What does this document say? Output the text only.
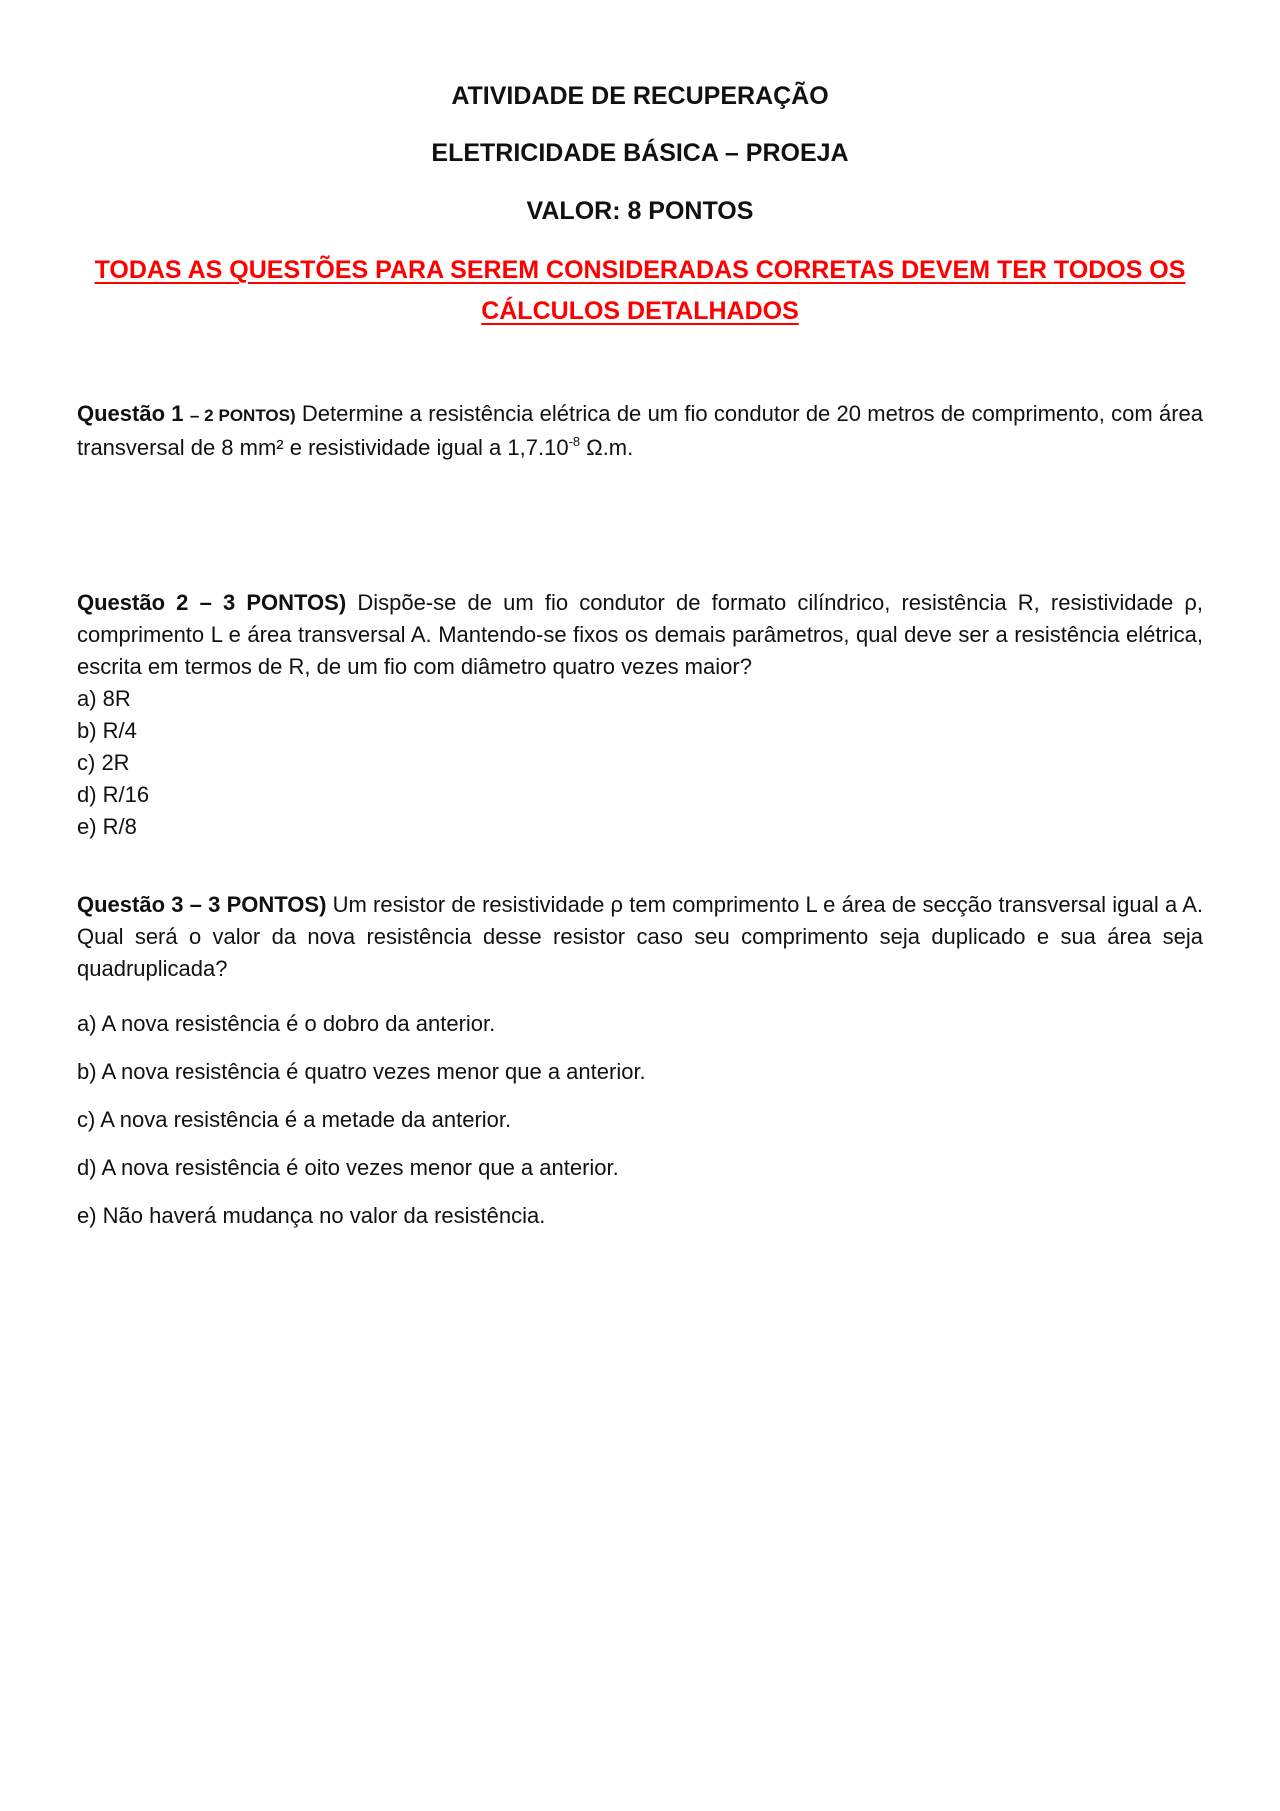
ATIVIDADE DE RECUPERAÇÃO
ELETRICIDADE BÁSICA – PROEJA
VALOR: 8 PONTOS
TODAS AS QUESTÕES PARA SEREM CONSIDERADAS CORRETAS DEVEM TER TODOS OS CÁLCULOS DETALHADOS
Questão 1 – 2 PONTOS) Determine a resistência elétrica de um fio condutor de 20 metros de comprimento, com área transversal de 8 mm² e resistividade igual a $1,7.10^{-8}$ Ω.m.
Questão 2 – 3 PONTOS) Dispõe-se de um fio condutor de formato cilíndrico, resistência R, resistividade ρ, comprimento L e área transversal A. Mantendo-se fixos os demais parâmetros, qual deve ser a resistência elétrica, escrita em termos de R, de um fio com diâmetro quatro vezes maior?
a) 8R
b) R/4
c) 2R
d) R/16
e) R/8
Questão 3 – 3 PONTOS) Um resistor de resistividade ρ tem comprimento L e área de secção transversal igual a A. Qual será o valor da nova resistência desse resistor caso seu comprimento seja duplicado e sua área seja quadruplicada?
a) A nova resistência é o dobro da anterior.
b) A nova resistência é quatro vezes menor que a anterior.
c) A nova resistência é a metade da anterior.
d) A nova resistência é oito vezes menor que a anterior.
e) Não haverá mudança no valor da resistência.
